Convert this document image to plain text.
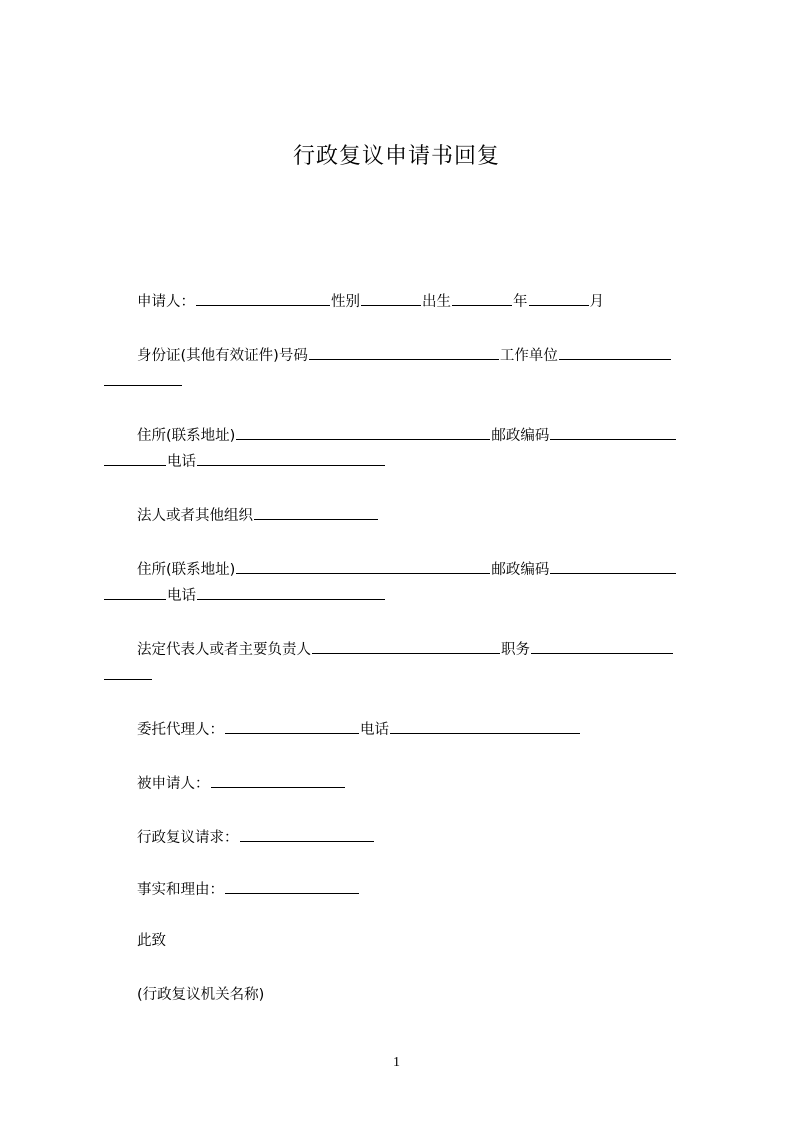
行政复议申请书回复
申请人：	性别	出生	年	月
身份证(其他有效证件)号码	工作单位
住所(联系地址)	邮政编码
电话
法人或者其他组织
住所(联系地址)	邮政编码
电话
法定代表人或者主要负责人	职务
委托代理人：	电话
被申请人：
行政复议请求：
事实和理由：
此致
(行政复议机关名称)
1
